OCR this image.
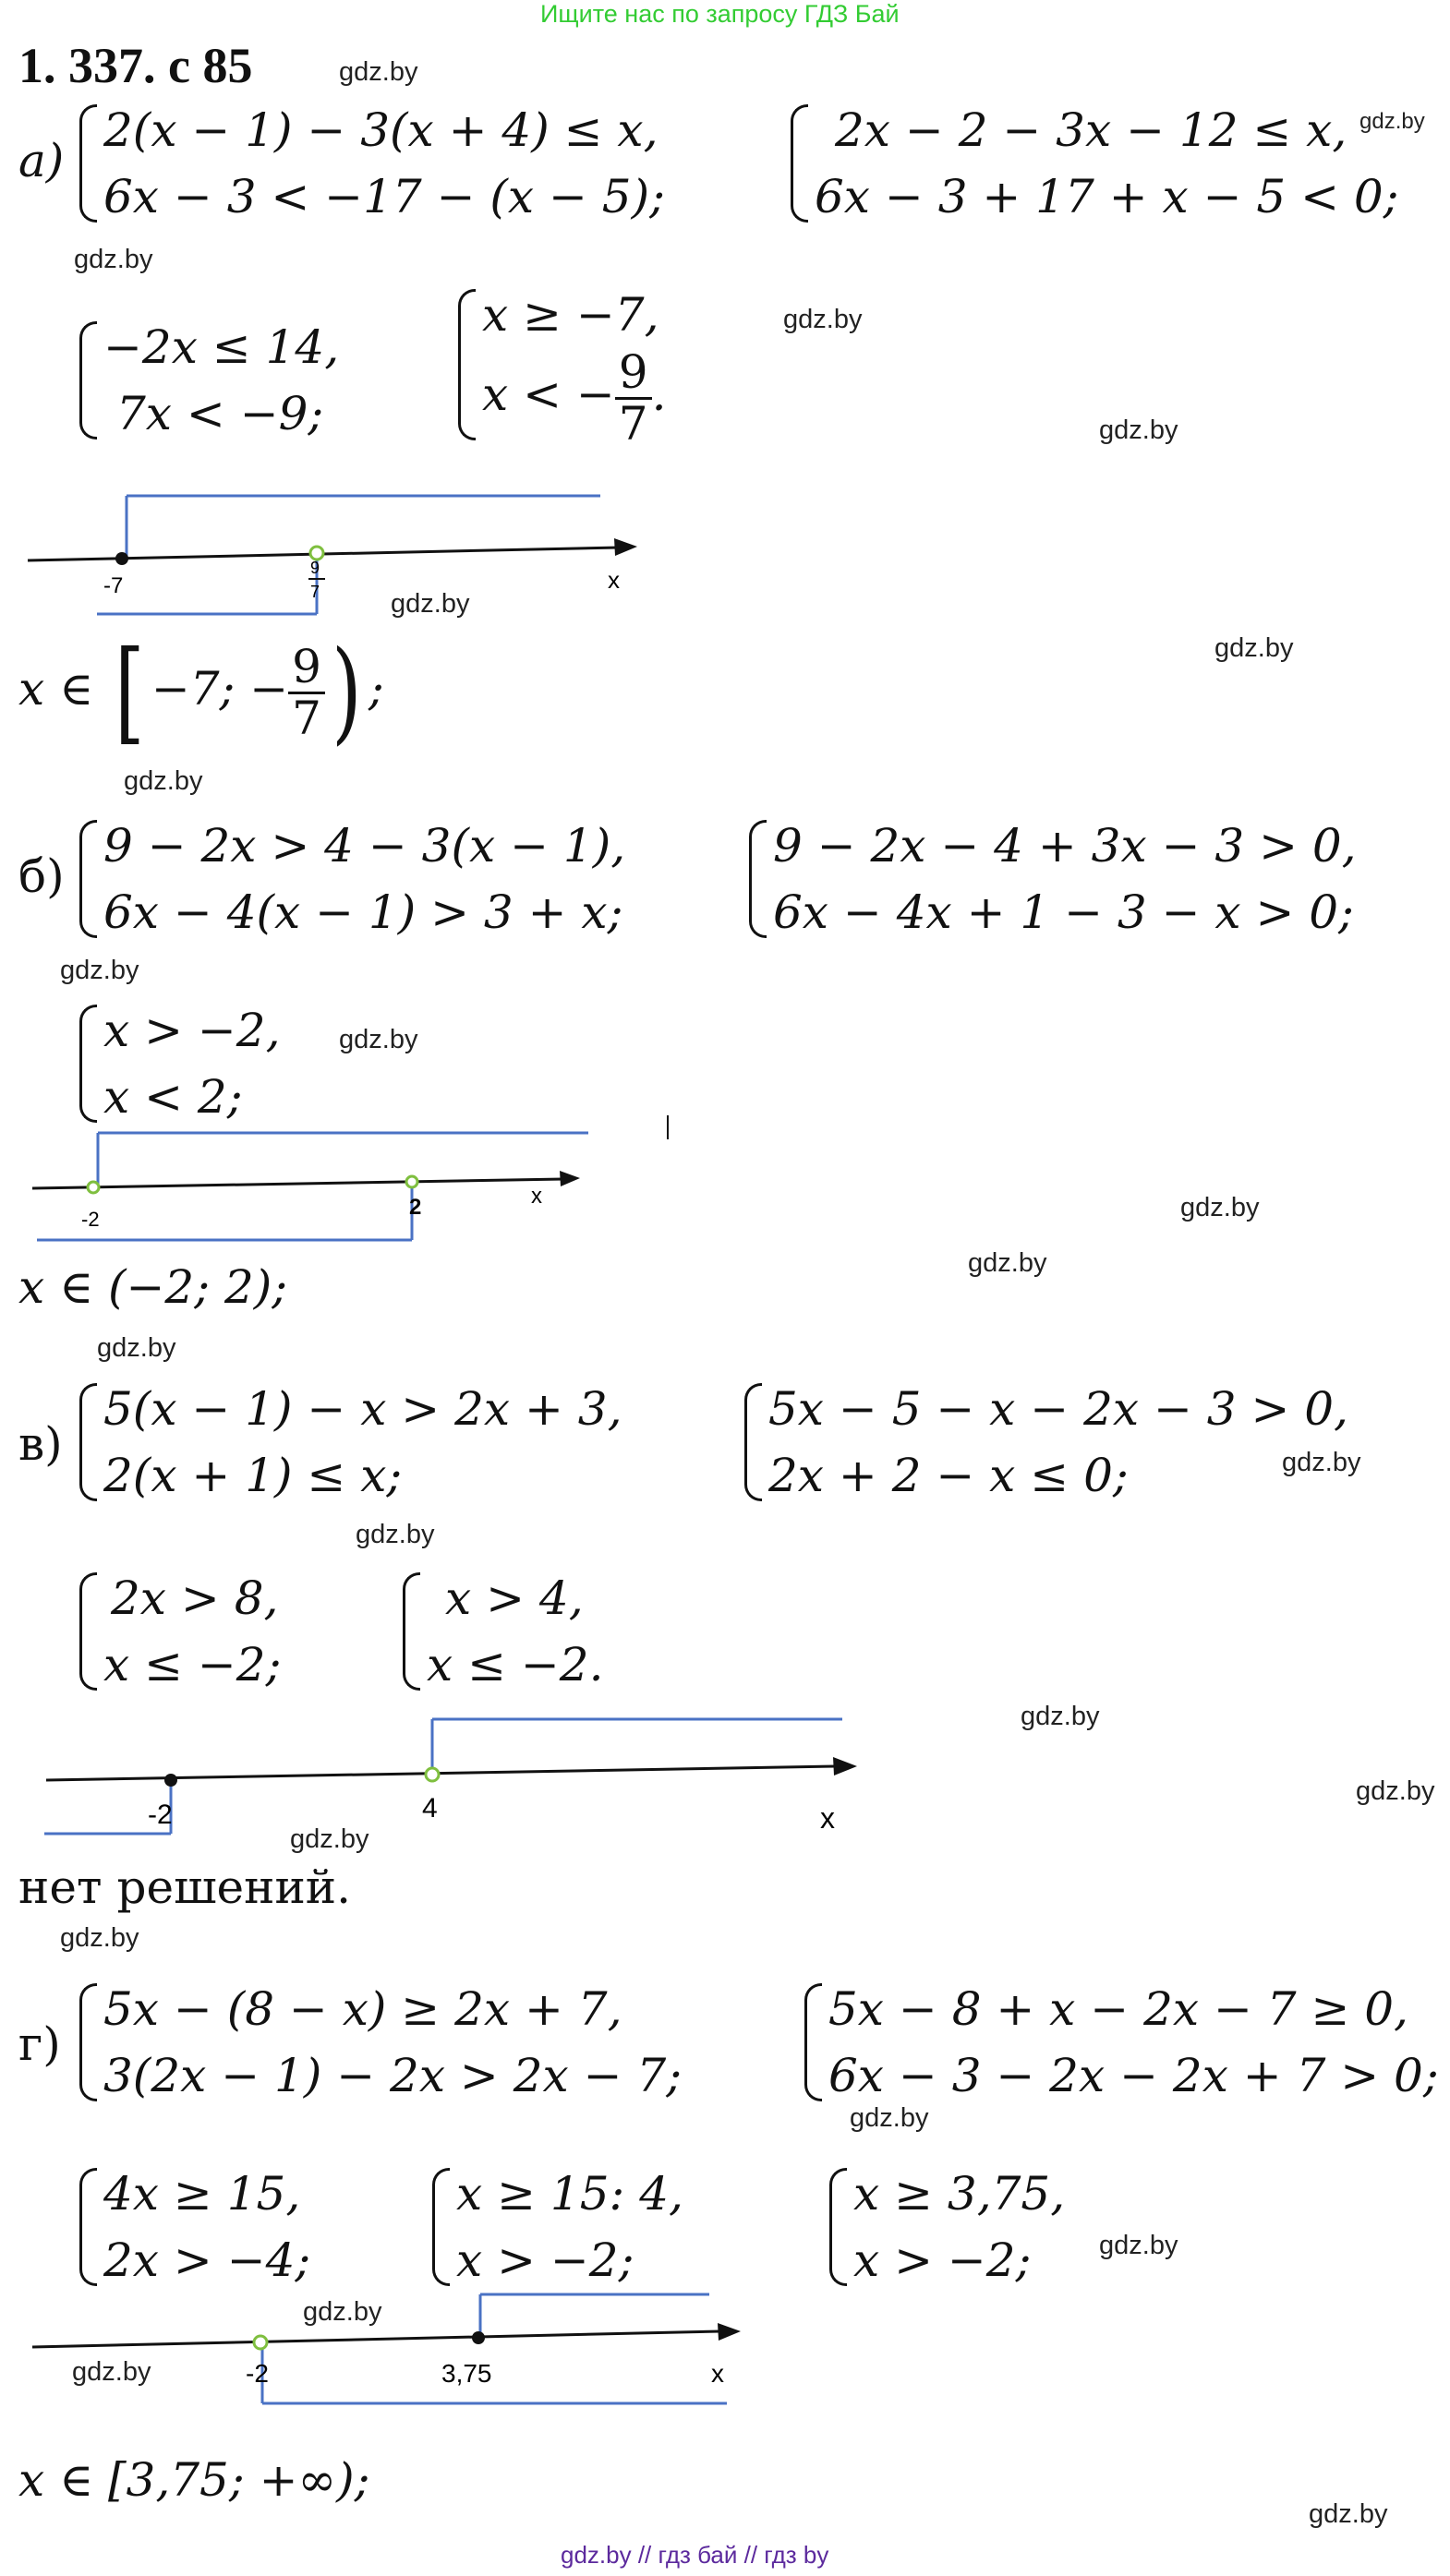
Ищите нас по запросу ГДЗ Бай
1. 337. с 85	gdz.by
gdz.by
gdz.by
gdz.by
gdz.by
gdz.by
gdz.by
gdz.by
gdz.by
gdz.by
gdz.by
gdz.by
gdz.by
gdz.by
gdz.by
gdz.by
gdz.by
gdz.by
gdz.by
gdz.by
gdz.by
gdz.by
gdz.by
gdz.by
а)
2(x − 1) − 3(x + 4) ≤ x,
6x − 3 < −17 − (x − 5);
2x − 2 − 3x − 12 ≤ x,
6x − 3 + 17 + x − 5 < 0;
−2x ≤ 14,
7x < −9;
x ≥ −7,
x < − $\frac{9}{7}$ .
-7
9
7	x
x ∈ [ −7; − $\frac{9}{7}$ ) ;
б)
9 − 2x > 4 − 3(x − 1),
6x − 4(x − 1) > 3 + x;
9 − 2x − 4 + 3x − 3 > 0,
6x − 4x + 1 − 3 − x > 0;
x > −2,
x < 2;
-2	2	x
x ∈ (−2; 2);
в)
5(x − 1) − x > 2x + 3,
2(x + 1) ≤ x;
5x − 5 − x − 2x − 3 > 0,
2x + 2 − x ≤ 0;
2x > 8,
x ≤ −2;
x > 4,
x ≤ −2.
-2	4	x
нет решений.
г)
5x − (8 − x) ≥ 2x + 7,
3(2x − 1) − 2x > 2x − 7;
5x − 8 + x − 2x − 7 ≥ 0,
6x − 3 − 2x − 2x + 7 > 0;
4x ≥ 15,
2x > −4;
x ≥ 15: 4,
x > −2;
x ≥ 3,75,
x > −2;
-2	3,75	x
x ∈ [3,75; +∞);
gdz.by // гдз бай // гдз by
